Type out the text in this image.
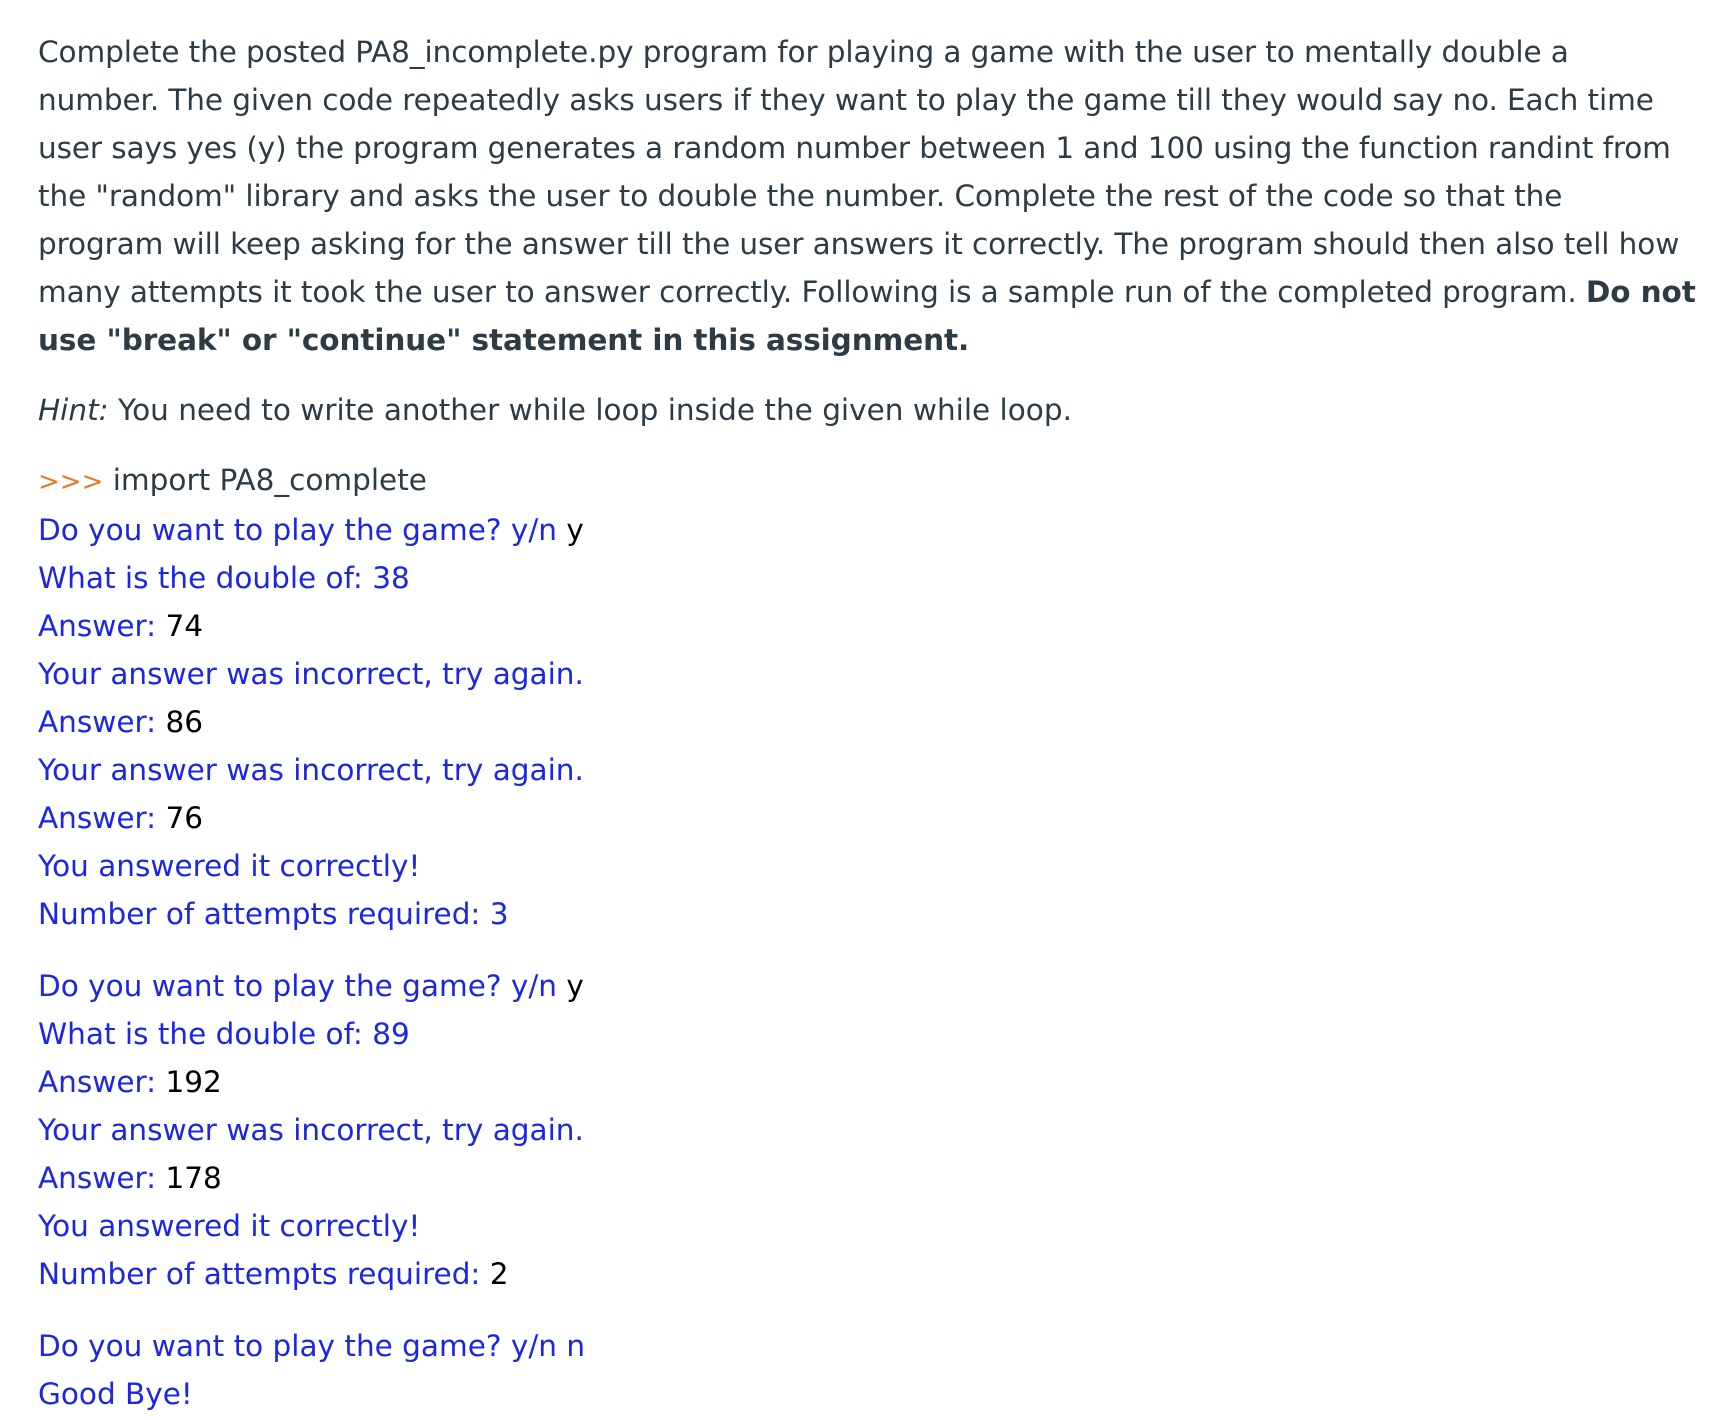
Complete the posted PA8_incomplete.py program for playing a game with the user to mentally double a number. The given code repeatedly asks users if they want to play the game till they would say no. Each time user says yes (y) the program generates a random number between 1 and 100 using the function randint from the "random" library and asks the user to double the number. Complete the rest of the code so that the program will keep asking for the answer till the user answers it correctly. The program should then also tell how many attempts it took the user to answer correctly. Following is a sample run of the completed program. Do not use "break" or "continue" statement in this assignment.

Hint: You need to write another while loop inside the given while loop.

>>> import PA8_complete

Do you want to play the game? y/n y

What is the double of: 38

Answer: 74

Your answer was incorrect, try again.

Answer: 86

Your answer was incorrect, try again.

Answer: 76

You answered it correctly!

Number of attempts required: 3

Do you want to play the game? y/n y

What is the double of: 89

Answer: 192

Your answer was incorrect, try again.

Answer: 178

You answered it correctly!

Number of attempts required: 2

Do you want to play the game? y/n n

Good Bye!
